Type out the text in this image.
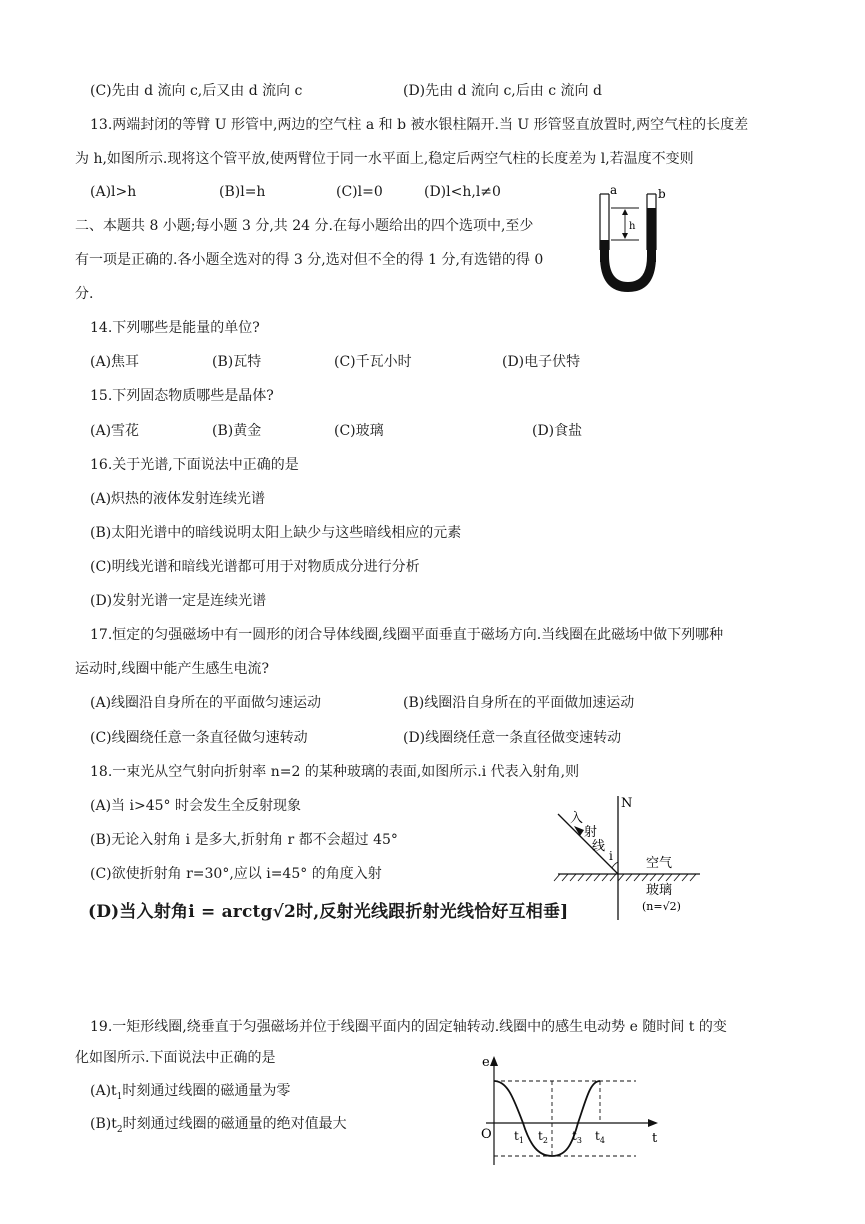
(C)先由 d 流向 c,后又由 d 流向 c	(D)先由 d 流向 c,后由 c 流向 d
13.两端封闭的等臂 U 形管中,两边的空气柱 a 和 b 被水银柱隔开.当 U 形管竖直放置时,两空气柱的长度差
为 h,如图所示.现将这个管平放,使两臂位于同一水平面上,稳定后两空气柱的长度差为 l,若温度不变则
(A)l>h	(B)l=h	(C)l=0	(D)l<h,l≠0
h
a	b
二、本题共 8 小题;每小题 3 分,共 24 分.在每小题给出的四个选项中,至少
有一项是正确的.各小题全选对的得 3 分,选对但不全的得 1 分,有选错的得 0
分.
14.下列哪些是能量的单位?
(A)焦耳	(B)瓦特	(C)千瓦小时	(D)电子伏特
15.下列固态物质哪些是晶体?
(A)雪花	(B)黄金	(C)玻璃	(D)食盐
16.关于光谱,下面说法中正确的是
(A)炽热的液体发射连续光谱
(B)太阳光谱中的暗线说明太阳上缺少与这些暗线相应的元素
(C)明线光谱和暗线光谱都可用于对物质成分进行分析
(D)发射光谱一定是连续光谱
17.恒定的匀强磁场中有一圆形的闭合导体线圈,线圈平面垂直于磁场方向.当线圈在此磁场中做下列哪种
运动时,线圈中能产生感生电流?
(A)线圈沿自身所在的平面做匀速运动	(B)线圈沿自身所在的平面做加速运动
(C)线圈绕任意一条直径做匀速转动	(D)线圈绕任意一条直径做变速转动
18.一束光从空气射向折射率 n=2 的某种玻璃的表面,如图所示.i 代表入射角,则
(A)当 i>45° 时会发生全反射现象
(B)无论入射角 i 是多大,折射角 r 都不会超过 45°
(C)欲使折射角 r=30°,应以 i=45° 的角度入射
(D)当入射角i = arctg√2时,反射光线跟折射光线恰好互相垂]
N
入
射
线
i	空气
玻璃
(n=√2)
19.一矩形线圈,绕垂直于匀强磁场并位于线圈平面内的固定轴转动.线圈中的感生电动势 e 随时间 t 的变
化如图所示.下面说法中正确的是
$(A)t_1$时刻通过线圈的磁通量为零
$(B)t_2$时刻通过线圈的磁通量的绝对值最大
e
O	t
$t_1$ $t_2$ $t_3$ $t_4$
